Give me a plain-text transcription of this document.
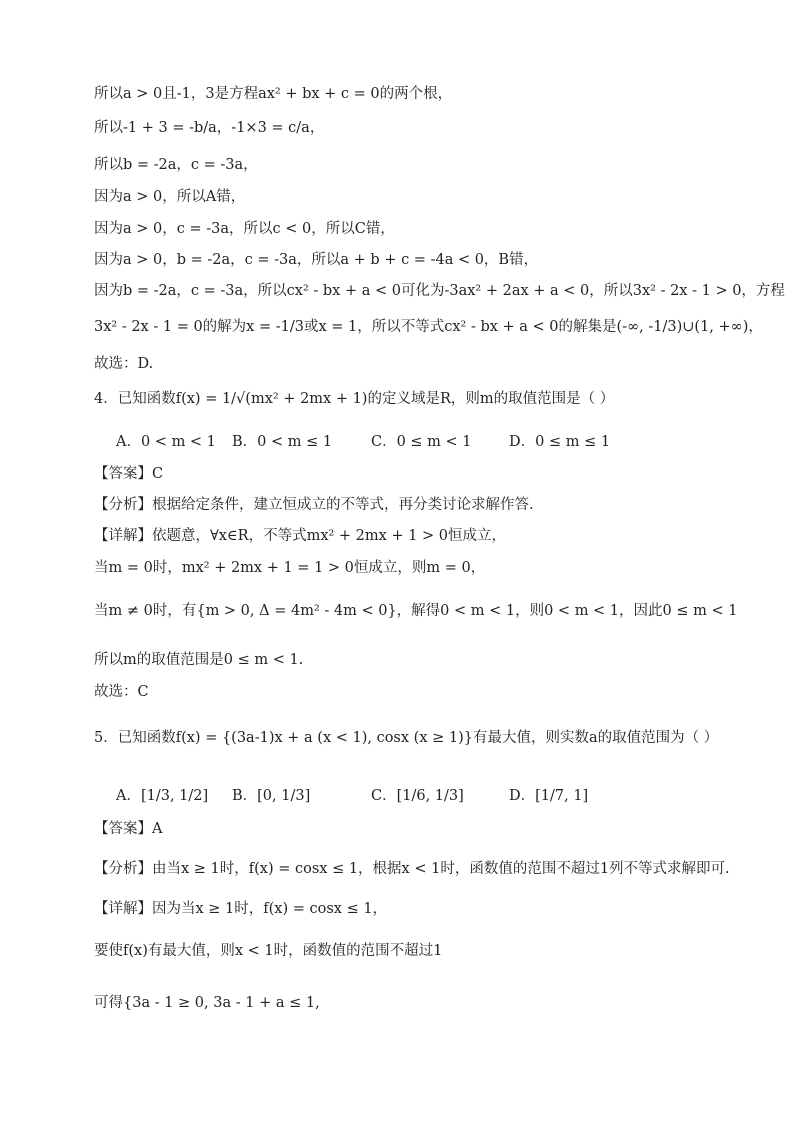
所以a > 0且-1，3是方程ax² + bx + c = 0的两个根，
所以-1 + 3 = -b/a，-1×3 = c/a，
所以b = -2a，c = -3a，
因为a > 0，所以A错，
因为a > 0，c = -3a，所以c < 0，所以C错，
因为a > 0，b = -2a，c = -3a，所以a + b + c = -4a < 0，B错，
因为b = -2a，c = -3a，所以cx² - bx + a < 0可化为-3ax² + 2ax + a < 0，所以3x² - 2x - 1 > 0，方程
3x² - 2x - 1 = 0的解为x = -1/3或x = 1，所以不等式cx² - bx + a < 0的解集是(-∞, -1/3)∪(1, +∞)，
故选：D.
4．已知函数f(x) = 1/√(mx² + 2mx + 1)的定义域是R，则m的取值范围是（ ）
A．0 < m < 1 B．0 < m ≤ 1	C．0 ≤ m < 1	D．0 ≤ m ≤ 1
【答案】C
【分析】根据给定条件，建立恒成立的不等式，再分类讨论求解作答.
【详解】依题意，∀x∈R，不等式mx² + 2mx + 1 > 0恒成立，
当m = 0时，mx² + 2mx + 1 = 1 > 0恒成立，则m = 0，
当m ≠ 0时，有{m > 0, Δ = 4m² - 4m < 0}，解得0 < m < 1，则0 < m < 1，因此0 ≤ m < 1
所以m的取值范围是0 ≤ m < 1.
故选：C
5．已知函数f(x) = {(3a-1)x + a (x < 1), cosx (x ≥ 1)}有最大值，则实数a的取值范围为（ ）
A．[1/3, 1/2] B．[0, 1/3]	C．[1/6, 1/3]	D．[1/7, 1]
【答案】A
【分析】由当x ≥ 1时，f(x) = cosx ≤ 1，根据x < 1时，函数值的范围不超过1列不等式求解即可.
【详解】因为当x ≥ 1时，f(x) = cosx ≤ 1，
要使f(x)有最大值，则x < 1时，函数值的范围不超过1
可得{3a - 1 ≥ 0, 3a - 1 + a ≤ 1,
